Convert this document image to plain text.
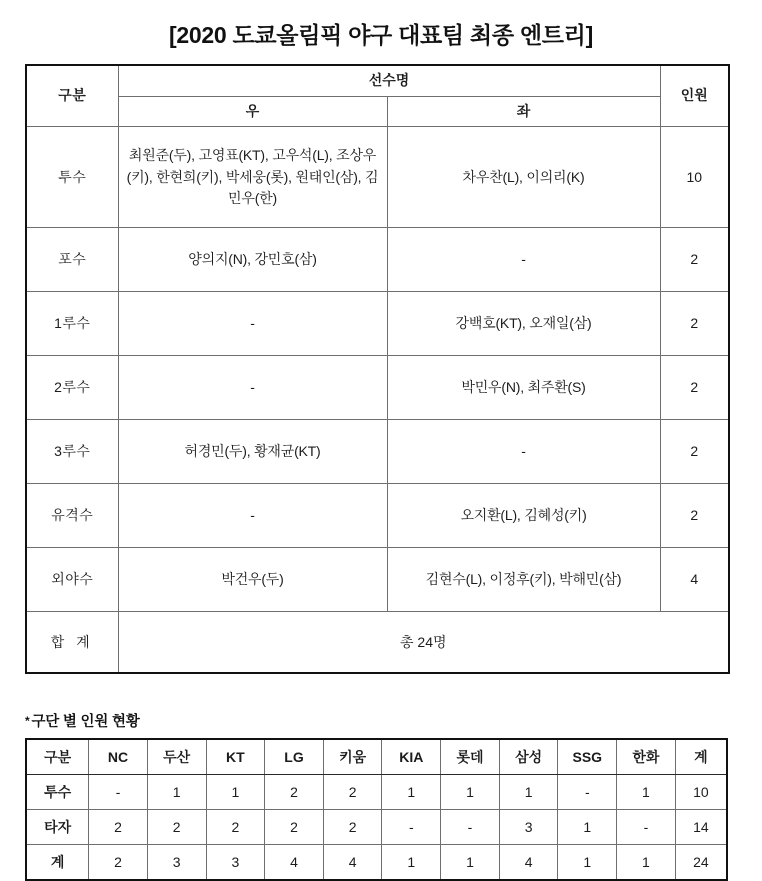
[2020 도쿄올림픽 야구 대표팀 최종 엔트리]
구분	선수명		인원
	우	좌	
투수	최원준(두), 고영표(KT), 고우석(L), 조상우(키), 한현희(키), 박세웅(롯), 원태인(삼), 김민우(한)	차우찬(L), 이의리(K)	10
포수	양의지(N), 강민호(삼)	-	2
1루수	-	강백호(KT), 오재일(삼)	2
2루수	-	박민우(N), 최주환(S)	2
3루수	허경민(두), 황재균(KT)	-	2
유격수	-	오지환(L), 김혜성(키)	2
외야수	박건우(두)	김현수(L), 이정후(키), 박해민(삼)	4
합 계	총 24명		
* 구단 별 인원 현황
구분	NC	두산	KT	LG	키움	KIA	롯데	삼성	SSG	한화	계
투수	-	1	1	2	2	1	1	1	-	1	10
타자	2	2	2	2	2	-	-	3	1	-	14
계	2	3	3	4	4	1	1	4	1	1	24
